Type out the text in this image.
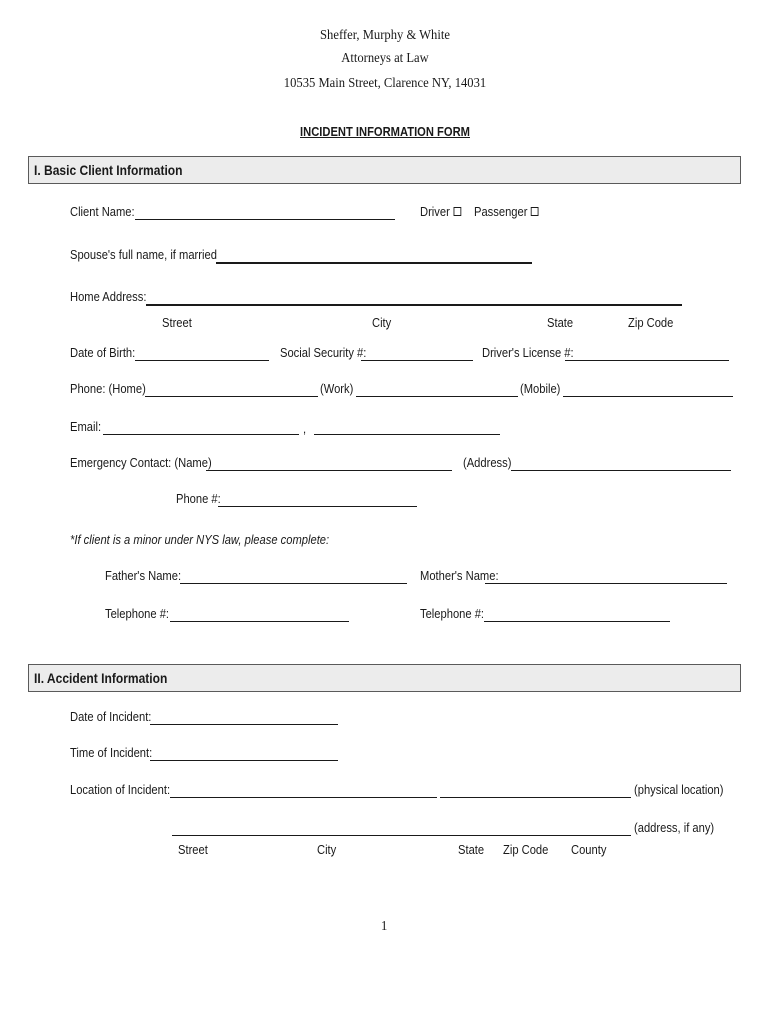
Sheffer, Murphy & White
Attorneys at Law
10535 Main Street, Clarence NY, 14031
INCIDENT INFORMATION FORM
I. Basic Client Information
Client Name:	Driver	Passenger
Spouse's full name, if married
Home Address:
Street	City	State	Zip Code
Date of Birth:	Social Security #:	Driver's License #:
Phone: (Home)	(Work)	(Mobile)
Email:	,
Emergency Contact: (Name)	(Address)
Phone #:
*If client is a minor under NYS law, please complete:
Father's Name:	Mother's Name:
Telephone #:	Telephone #:
II. Accident Information
Date of Incident:
Time of Incident:
Location of Incident:	(physical location)
(address, if any)
Street	City	State Zip Code County
1
